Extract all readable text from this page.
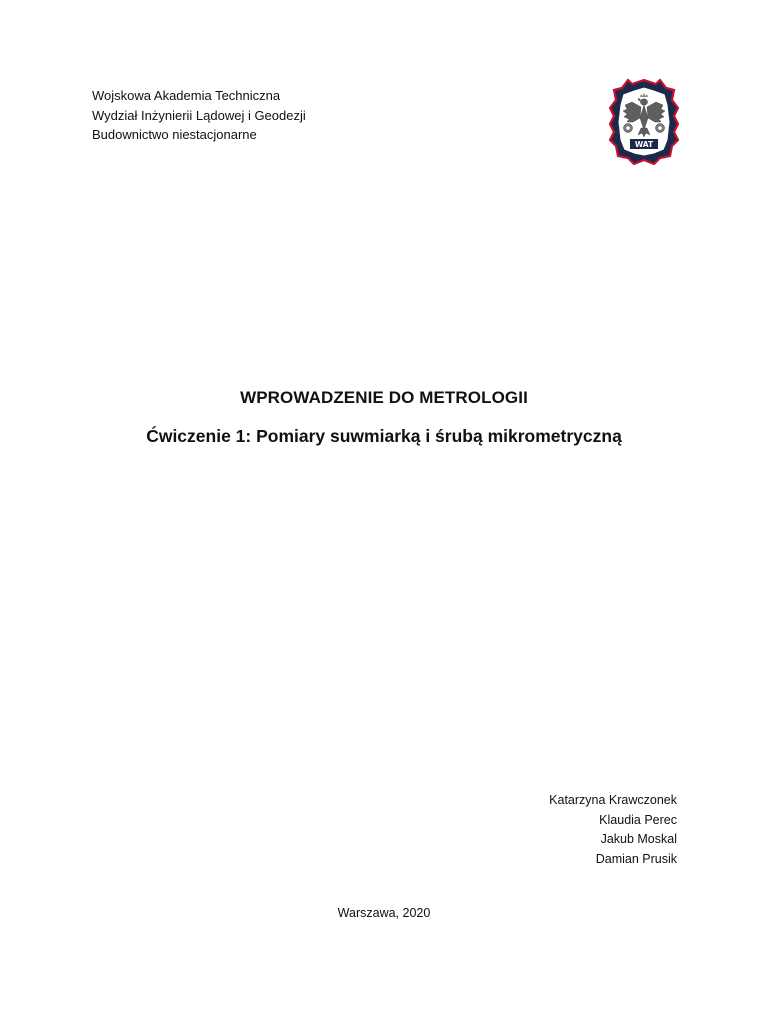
Wojskowa Akademia Techniczna
Wydział Inżynierii Lądowej i Geodezji
Budownictwo niestacjonarne
WAT
WPROWADZENIE DO METROLOGII
Ćwiczenie 1: Pomiary suwmiarką i śrubą mikrometryczną
Katarzyna Krawczonek
Klaudia Perec
Jakub Moskal
Damian Prusik
Warszawa, 2020
